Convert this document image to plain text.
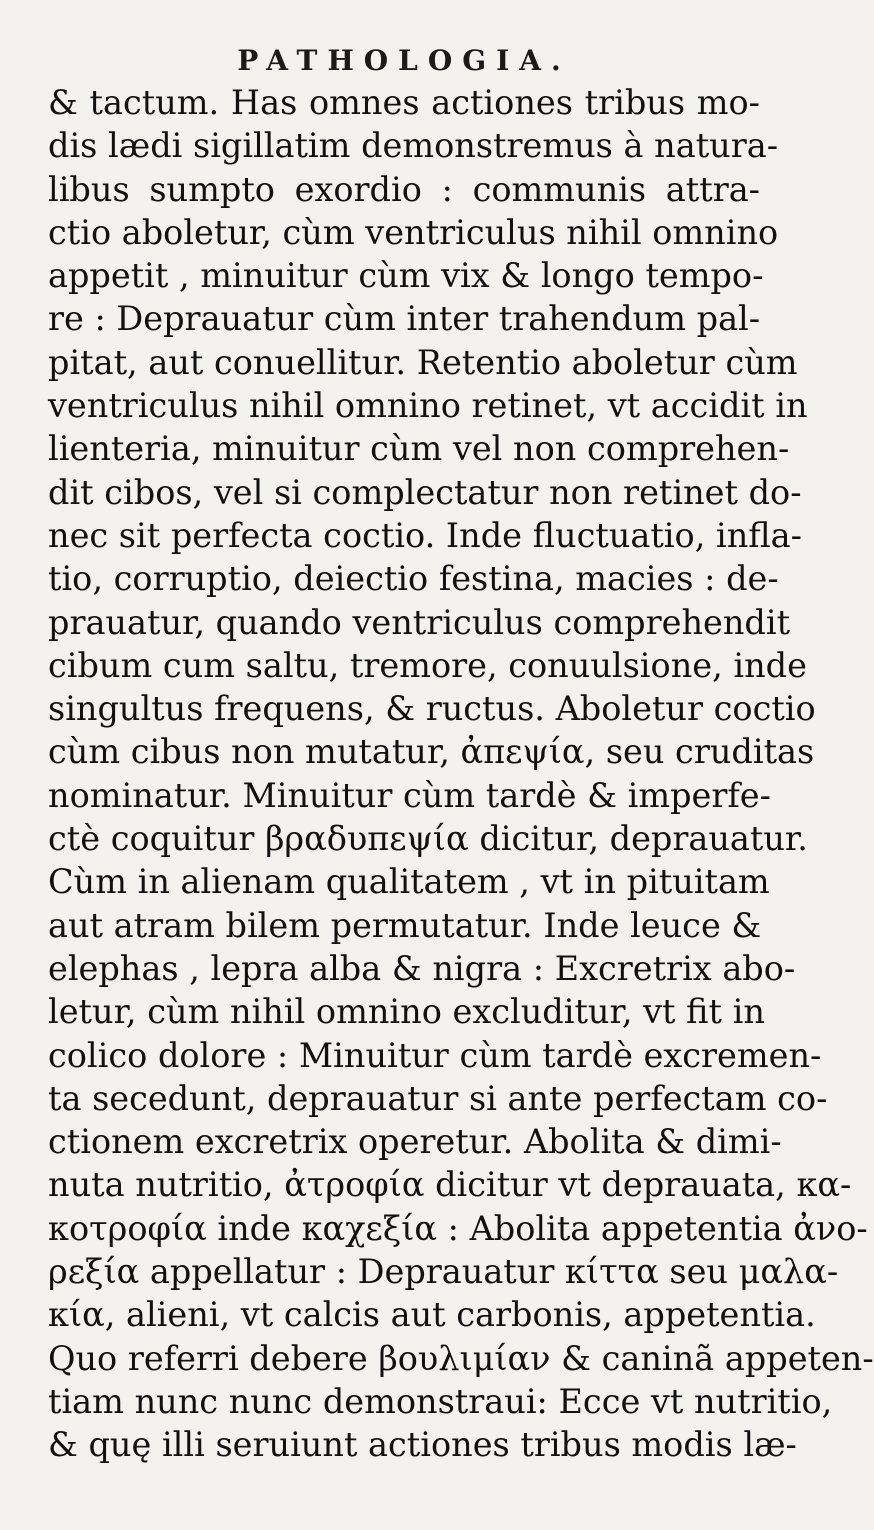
PATHOLOGIA.
& tactum. Has omnes actiones tribus mo-
dis lædi sigillatim demonstremus à natura-
libus sumpto exordio : communis attra-
ctio aboletur, cùm ventriculus nihil omnino
appetit , minuitur cùm vix & longo tempo-
re : Deprauatur cùm inter trahendum pal-
pitat, aut conuellitur. Retentio aboletur cùm
ventriculus nihil omnino retinet, vt accidit in
lienteria, minuitur cùm vel non comprehen-
dit cibos, vel si complectatur non retinet do-
nec sit perfecta coctio. Inde fluctuatio, infla-
tio, corruptio, deiectio festina, macies : de-
prauatur, quando ventriculus comprehendit
cibum cum saltu, tremore, conuulsione, inde
singultus frequens, & ructus. Aboletur coctio
cùm cibus non mutatur, ἀπεψία, seu cruditas
nominatur. Minuitur cùm tardè & imperfe-
ctè coquitur βραδυπεψία dicitur, deprauatur.
Cùm in alienam qualitatem , vt in pituitam
aut atram bilem permutatur. Inde leuce &
elephas , lepra alba & nigra : Excretrix abo-
letur, cùm nihil omnino excluditur, vt fit in
colico dolore : Minuitur cùm tardè excremen-
ta secedunt, deprauatur si ante perfectam co-
ctionem excretrix operetur. Abolita & dimi-
nuta nutritio, ἀτροφία dicitur vt deprauata, κα-
κοτροφία inde καχεξία : Abolita appetentia ἀνο-
ρεξία appellatur : Deprauatur κίττα seu μαλα-
κία, alieni, vt calcis aut carbonis, appetentia.
Quo referri debere βουλιμίαν & caninã appeten-
tiam nunc nunc demonstraui: Ecce vt nutritio,
& quę illi seruiunt actiones tribus modis læ-
